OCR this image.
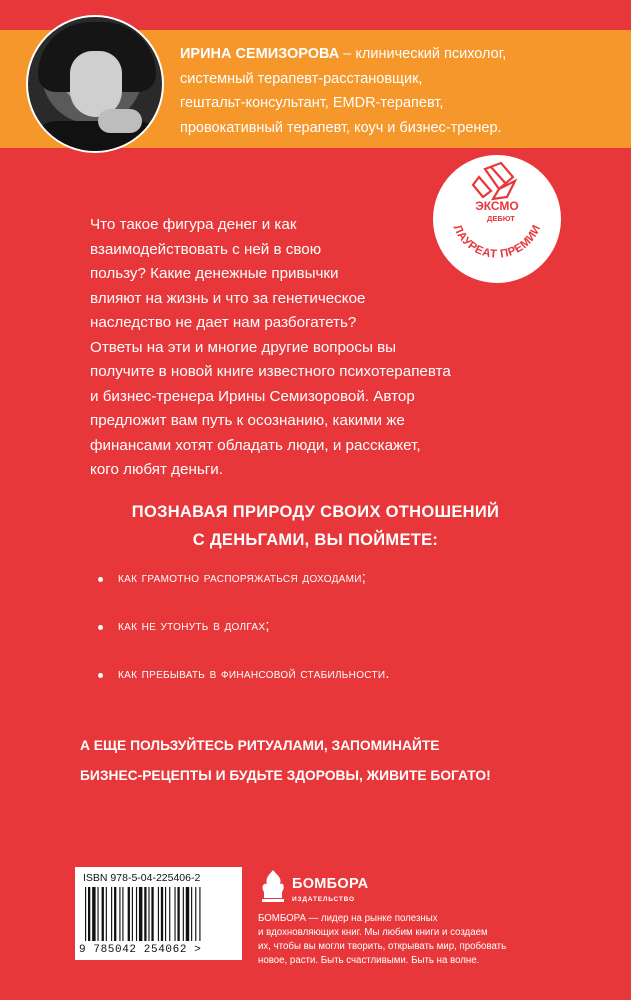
ИРИНА СЕМИЗОРОВА – клинический психолог,
системный терапевт-расстановщик,
гештальт-консультант, EMDR-терапевт,
провокативный терапевт, коуч и бизнес-тренер.
ЛАУРЕАТ ПРЕМИИ
ЭКСМО
ДЕБЮТ
Что такое фигура денег и как
взаимодействовать с ней в свою
пользу? Какие денежные привычки
влияют на жизнь и что за генетическое
наследство не дает нам разбогатеть?
Ответы на эти и многие другие вопросы вы
получите в новой книге известного психотерапевта
и бизнес-тренера Ирины Семизоровой. Автор
предложит вам путь к осознанию, какими же
финансами хотят обладать люди, и расскажет,
кого любят деньги.
ПОЗНАВАЯ ПРИРОДУ СВОИХ ОТНОШЕНИЙ
С ДЕНЬГАМИ, ВЫ ПОЙМЕТЕ:
как грамотно распоряжаться доходами;
как не утонуть в долгах;
как пребывать в финансовой стабильности.
А ЕЩЕ ПОЛЬЗУЙТЕСЬ РИТУАЛАМИ, ЗАПОМИНАЙТЕ
БИЗНЕС-РЕЦЕПТЫ И БУДЬТЕ ЗДОРОВЫ, ЖИВИТЕ БОГАТО!
ISBN 978-5-04-225406-2
9 785042 254062 >
БОМБОРА
ИЗДАТЕЛЬСТВО
БОМБОРА — лидер на рынке полезных
и вдохновляющих книг. Мы любим книги и создаем
их, чтобы вы могли творить, открывать мир, пробовать
новое, расти. Быть счастливыми. Быть на волне.
